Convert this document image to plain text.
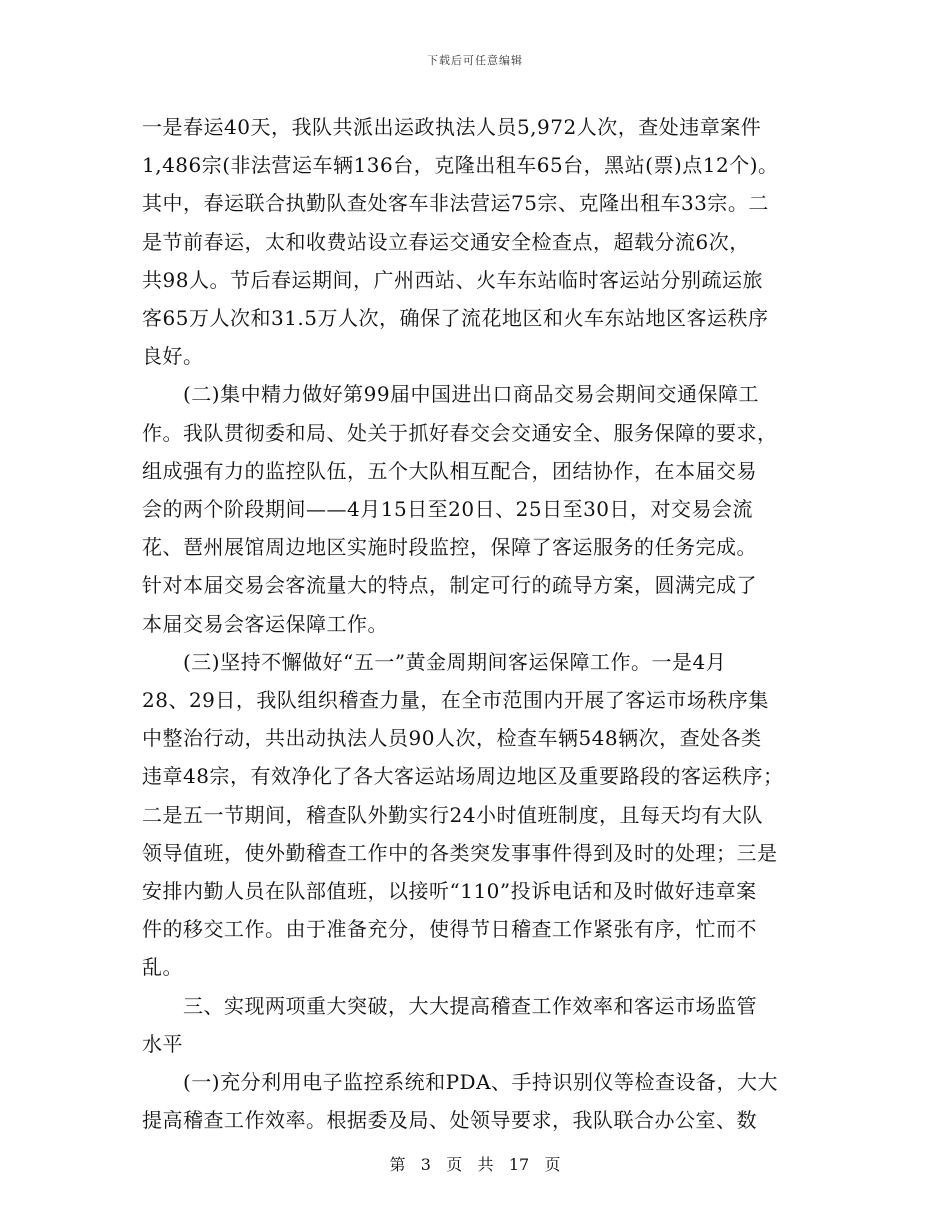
下载后可任意编辑

一是春运40天，我队共派出运政执法人员5,972人次，查处违章案件
1,486宗(非法营运车辆136台，克隆出租车65台，黑站(票)点12个)。
其中，春运联合执勤队查处客车非法营运75宗、克隆出租车33宗。二
是节前春运，太和收费站设立春运交通安全检查点，超载分流6次，
共98人。节后春运期间，广州西站、火车东站临时客运站分别疏运旅
客65万人次和31.5万人次，确保了流花地区和火车东站地区客运秩序
良好。

　　(二)集中精力做好第99届中国进出口商品交易会期间交通保障工
作。我队贯彻委和局、处关于抓好春交会交通安全、服务保障的要求，
组成强有力的监控队伍，五个大队相互配合，团结协作，在本届交易
会的两个阶段期间——4月15日至20日、25日至30日，对交易会流
花、琶州展馆周边地区实施时段监控，保障了客运服务的任务完成。
针对本届交易会客流量大的特点，制定可行的疏导方案，圆满完成了
本届交易会客运保障工作。

　　(三)坚持不懈做好“五一”黄金周期间客运保障工作。一是4月
28、29日，我队组织稽查力量，在全市范围内开展了客运市场秩序集
中整治行动，共出动执法人员90人次，检查车辆548辆次，查处各类
违章48宗，有效净化了各大客运站场周边地区及重要路段的客运秩序；
二是五一节期间，稽查队外勤实行24小时值班制度，且每天均有大队
领导值班，使外勤稽查工作中的各类突发事事件得到及时的处理；三是
安排内勤人员在队部值班，以接听“110”投诉电话和及时做好违章案
件的移交工作。由于准备充分，使得节日稽查工作紧张有序，忙而不
乱。

　　三、实现两项重大突破，大大提高稽查工作效率和客运市场监管
水平

　　(一)充分利用电子监控系统和PDA、手持识别仪等检查设备，大大
提高稽查工作效率。根据委及局、处领导要求，我队联合办公室、数

第 3 页 共 17 页
